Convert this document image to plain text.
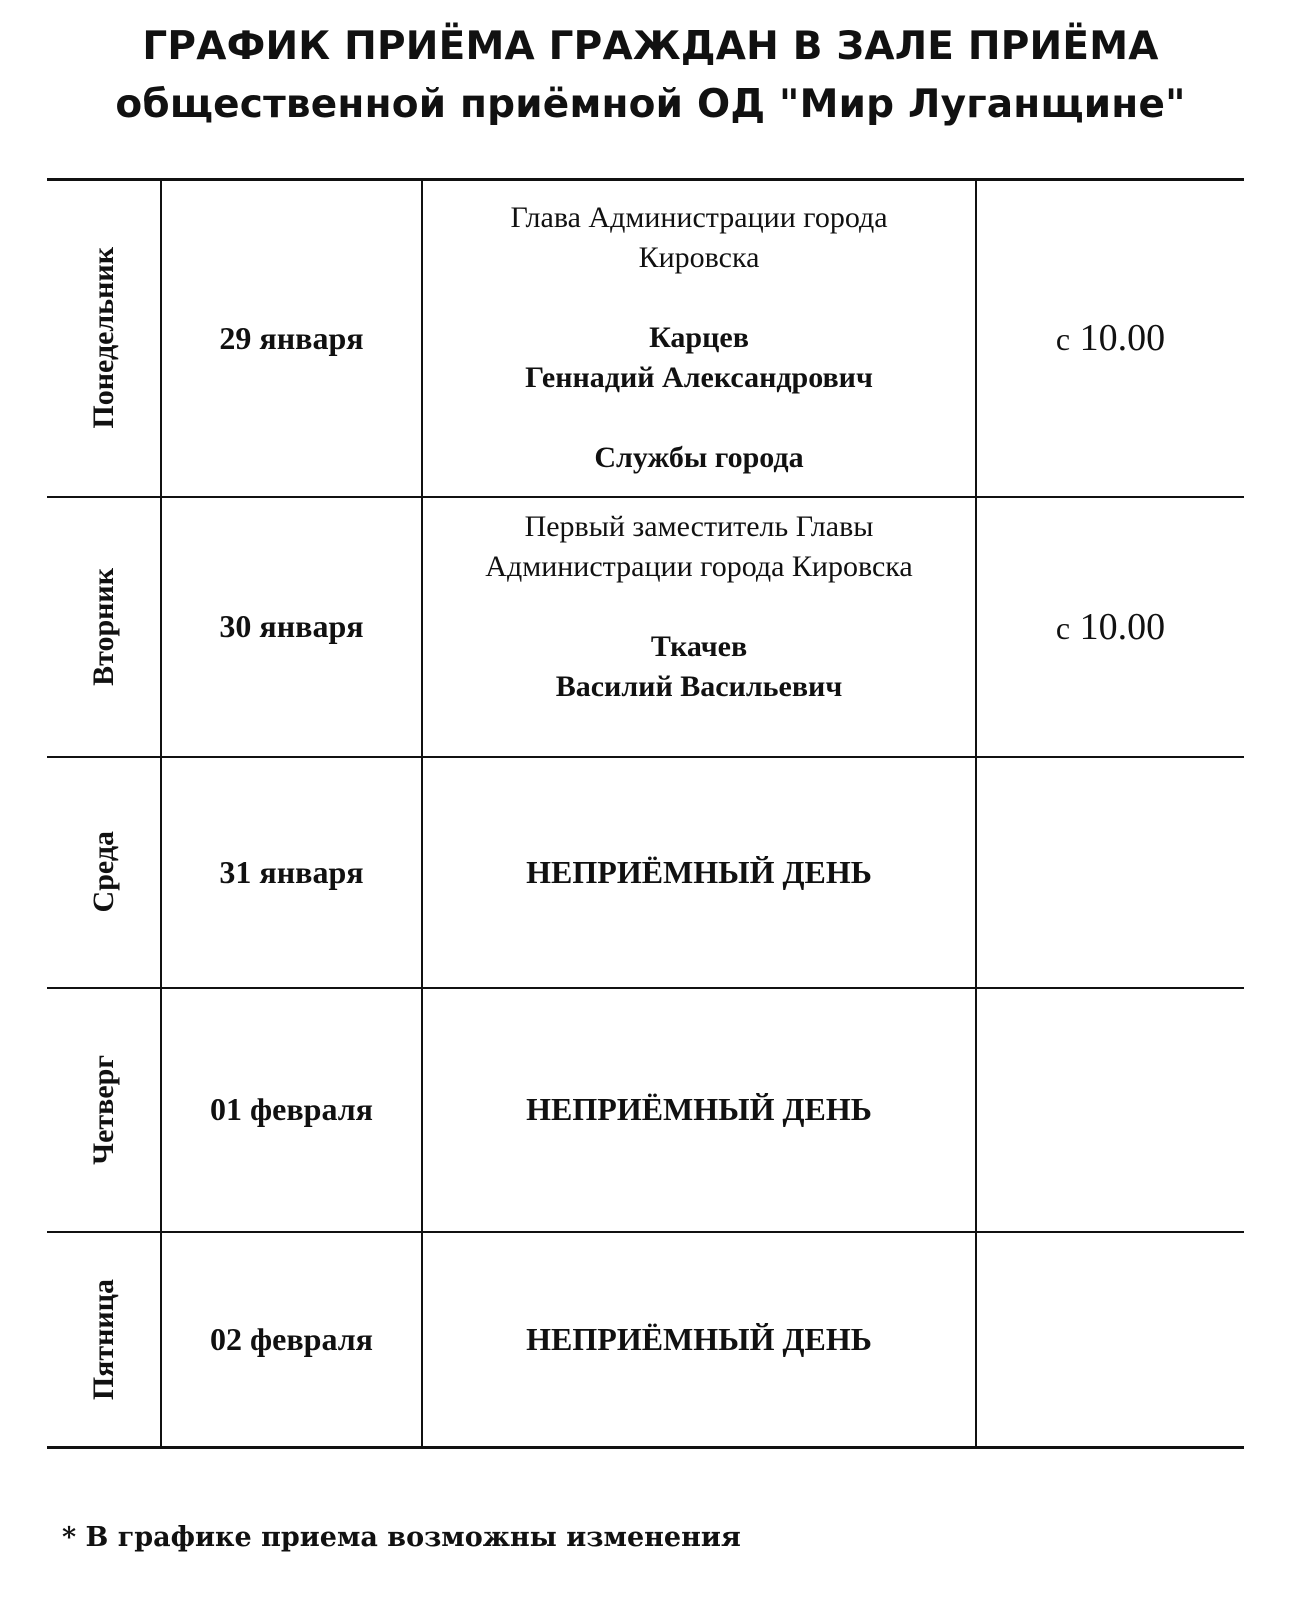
ГРАФИК ПРИЁМА ГРАЖДАН В ЗАЛЕ ПРИЁМА
общественной приёмной ОД "Мир Луганщине"
Понедельник	29 января	Глава Администрации города
Кировска
Карцев
Геннадий Александрович
Службы города	с 10.00

Вторник	30 января	Первый заместитель Главы
Администрации города Кировска
Ткачев
Василий Васильевич	с 10.00

Среда	31 января	НЕПРИЁМНЫЙ ДЕНЬ	

Четверг	01 февраля	НЕПРИЁМНЫЙ ДЕНЬ	

Пятница	02 февраля	НЕПРИЁМНЫЙ ДЕНЬ	
* В графике приема возможны изменения
